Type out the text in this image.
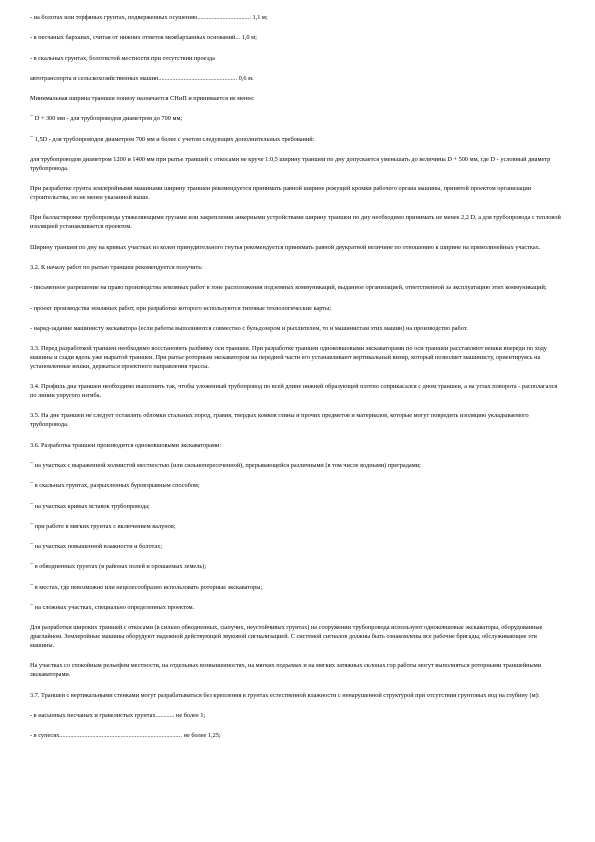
- на болотах или торфяных грунтах, подверженных осушению.................................. 1,1 м;

- в песчаных барханах, считая от нижних отметок межбарханных оснований... 1,0 м;

- в скальных грунтах, болотистой местности при отсутствии проезда

автотранспорта и сельскохозяйственных машин.................................................. 0,6 м.

Минимальная ширина траншеи понизу назначается СНиП и принимается не менее:

¯ D + 300 мм - для трубопроводов диаметром до 700 мм;

¯ 1,5D - для трубопроводов диаметром 700 мм и более с учетом следующих дополнительных требований:

для трубопроводов диаметром 1200 и 1400 мм при рытье траншей с откосами не круче 1:0,5 ширину траншеи по дну допускается уменьшать до величины D + 500 мм, где D - условный диаметр трубопровода.

При разработке грунта землеройными машинами ширину траншеи рекомендуется принимать равной ширине режущей кромки рабочего органа машины, принятой проектом организации строительства, но не менее указанной выше.

При балластировке трубопровода утяжеляющими грузами или закреплении анкерными устройствами ширину траншеи по дну необходимо принимать не менее 2,2 D, а для трубопровода с тепловой изоляцией устанавливается проектом.

Ширину траншеи по дну на кривых участках из колен принудительного гнутья рекомендуется принимать равной двукратной величине по отношению к ширине на прямолинейных участках.

3.2. К началу работ по рытью траншеи рекомендуется получить:

- письменное разрешение на право производства земляных работ в зоне расположения подземных коммуникаций, выданное организацией, ответственной за эксплуатацию этих коммуникаций;

- проект производства земляных работ, при разработке которого используются типовые технологические карты;

- наряд-задание машинисту экскаватора (если работы выполняются совместно с бульдозером и рыхлителем, то и машинистам этих машин) на производство работ.

3.3. Перед разработкой траншеи необходимо восстановить разбивку оси траншеи. При разработке траншеи одноковшовыми экскаваторами по оси траншеи расставляют вешки впереди по ходу машины и сзади вдоль уже вырытой траншеи. При рытье роторным экскаватором на передней части его устанавливают вертикальный визир, который позволяет машинисту, ориентируясь на установленные вешки, держаться проектного направления трассы.

3.4. Профиль дна траншеи необходимо выполнять так, чтобы уложенный трубопровод по всей длине нижней образующей плотно соприкасался с дном траншеи, а на углах поворота - располагался по линии упругого изгиба.

3.5. На дне траншеи не следует оставлять обломки стальных пород, гравия, твердых комков глины и прочих предметов и материалов, которые могут повредить изоляцию укладываемого трубопровода.

3.6. Разработка траншеи производится одноковшовыми экскаваторами:

¯ на участках с выраженной холмистой местностью (или сильнопересеченной), прерывающейся различными (в том числе водными) преградами;

¯ в скальных грунтах, разрыхленных буровзрывным способом;

¯ на участках кривых вставок трубопровода;

¯ при работе в мягких грунтах с включением валунов;

¯ на участках повышенной влажности и болотах;

¯ в обводненных грунтах (в районах полей и орошаемых земель);

¯ в местах, где невозможно или нецелесообразно использовать роторные экскаваторы;

¯ на сложных участках, специально определенных проектом.

Для разработки широких траншей с откосами (в сильно обводненных, сыпучих, неустойчивых грунтах) на сооружении трубопровода используют одноковшовые экскаваторы, оборудованные драглайном. Землеройные машины оборудуют надежной действующей звуковой сигнализацией. С системой сигналов должны быть ознакомлены все рабочие бригады, обслуживающие эти машины.

На участках со спокойным рельефом местности, на отдельных возвышенностях, на мягких подъемах и на мягких затяжных склонах гор работы могут выполняться роторными траншейными экскаваторами.

3.7. Траншеи с вертикальными стенками могут разрабатываться без крепления в грунтах естественной влажности с ненарушенной структурой при отсутствии грунтовых вод на глубину (м):

- в насыпных песчаных и гравелистых грунтах............ не более 1;

- в супесях.............................................................................. не более 1,25;
